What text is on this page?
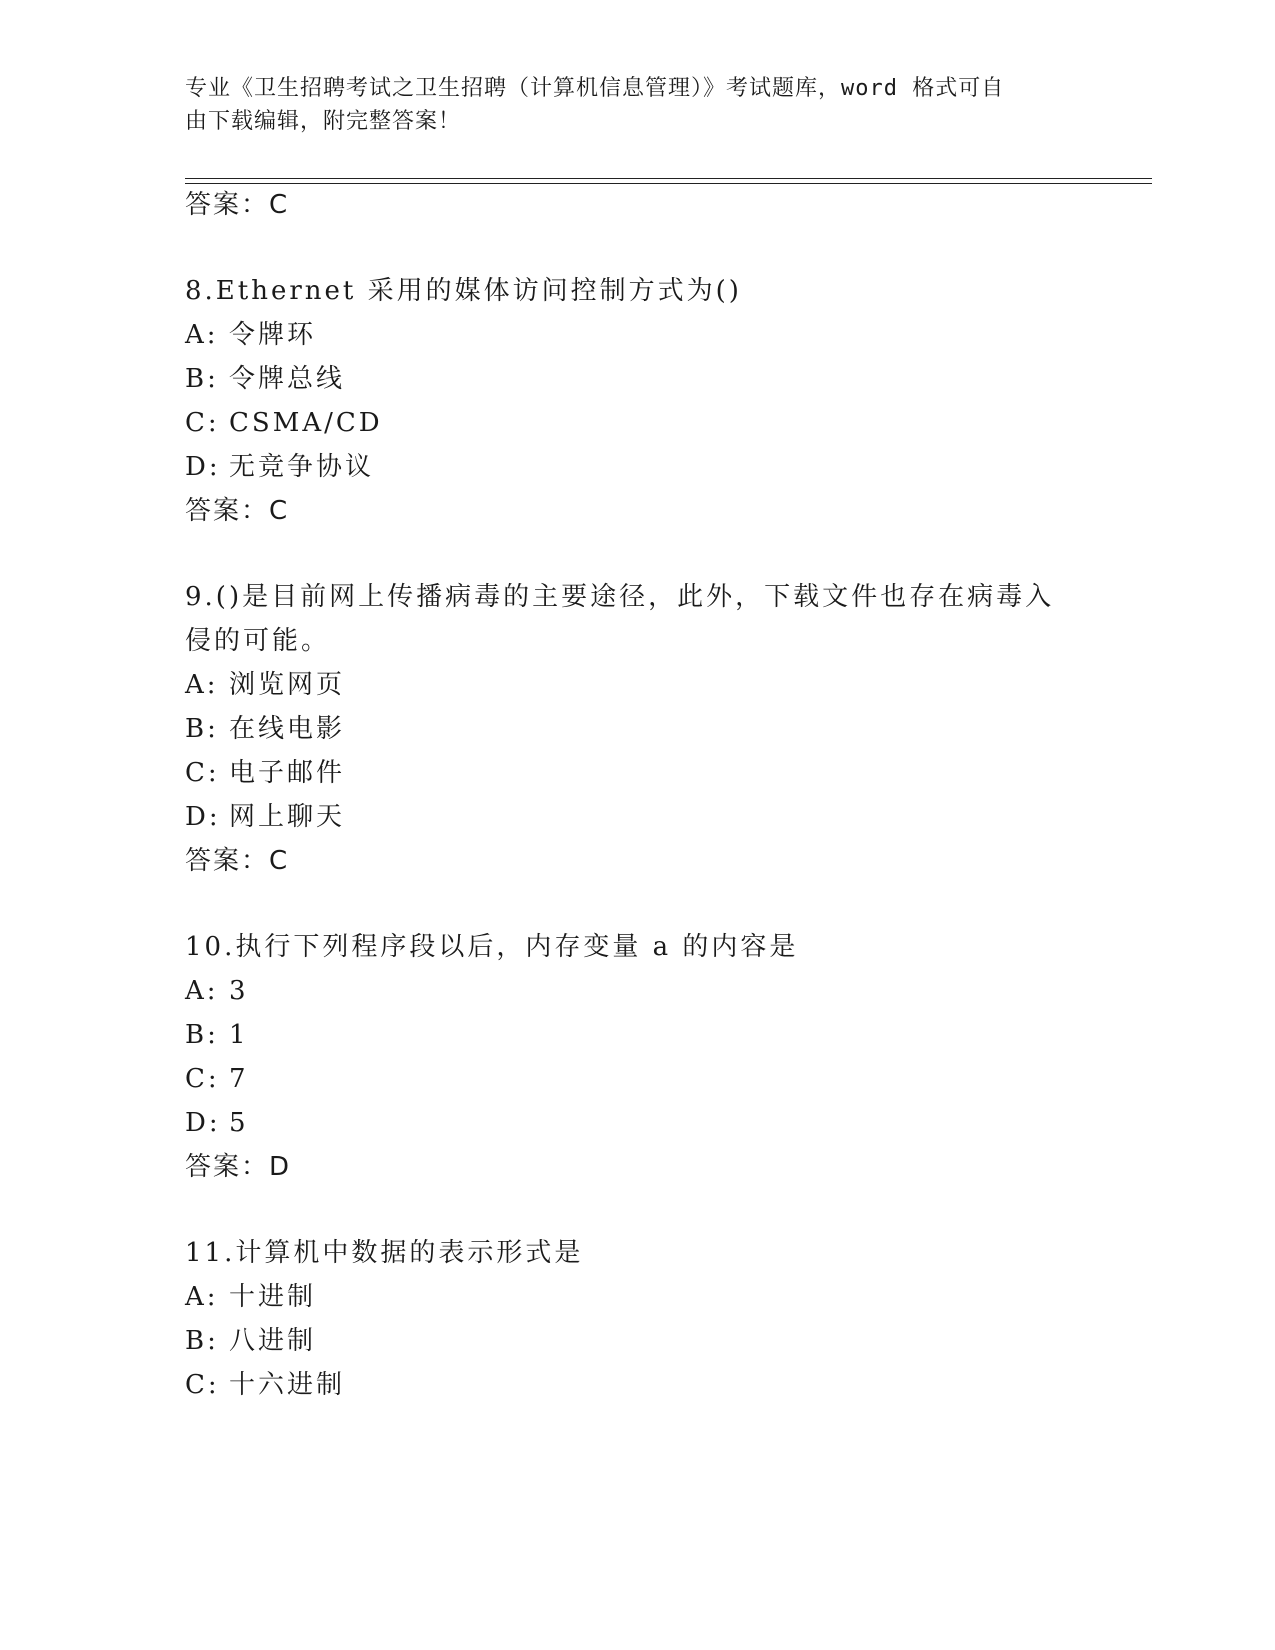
专业《卫生招聘考试之卫生招聘（计算机信息管理）》考试题库，word 格式可自
由下载编辑，附完整答案！
答案：C
8.Ethernet 采用的媒体访问控制方式为()
A: 令牌环
B: 令牌总线
C: CSMA/CD
D: 无竞争协议
答案：C
9.()是目前网上传播病毒的主要途径，此外，下载文件也存在病毒入
侵的可能。
A: 浏览网页
B: 在线电影
C: 电子邮件
D: 网上聊天
答案：C
10.执行下列程序段以后，内存变量 a 的内容是
A: 3
B: 1
C: 7
D: 5
答案：D
11.计算机中数据的表示形式是
A: 十进制
B: 八进制
C: 十六进制
